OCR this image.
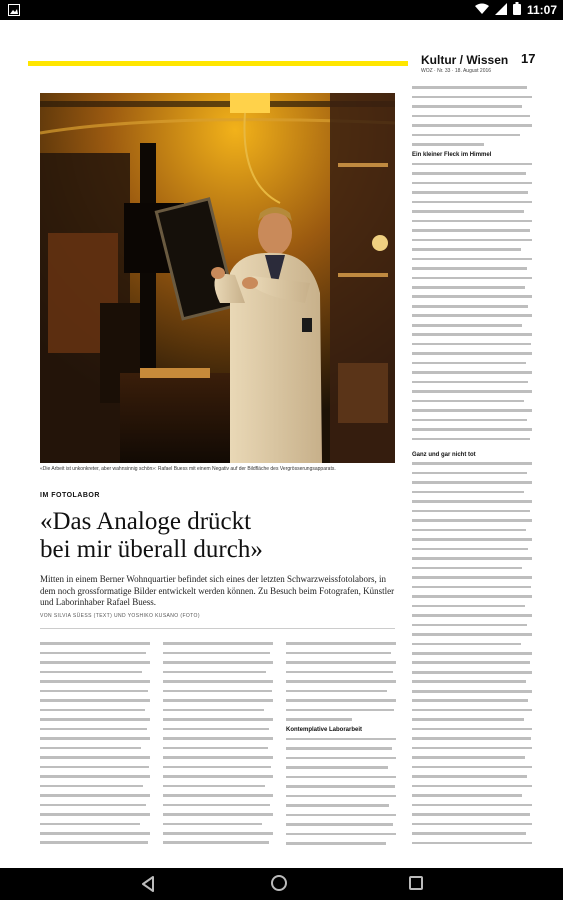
11:07
Kultur / Wissen 17
WOZ · Nr. 33 · 18. August 2016
«Die Arbeit ist unkonkreter, aber wahnsinnig schön»: Rafael Buess mit einem Negativ auf der Bildfläche des Vergrösserungsapparats.
Ein kleiner Fleck im Himmel
Ganz und gar nicht tot
IM FOTOLABOR
«Das Analoge drückt
bei mir überall durch»
Mitten in einem Berner Wohnquartier befindet sich eines der letzten Schwarzweissfotolabors, in dem noch grossformatige Bilder entwickelt werden können. Zu Besuch beim Fotografen, Künstler und Laborinhaber Rafael Buess.
VON SILVIA SÜESS (TEXT) UND YOSHIKO KUSANO (FOTO)
Kontemplative Laborarbeit
